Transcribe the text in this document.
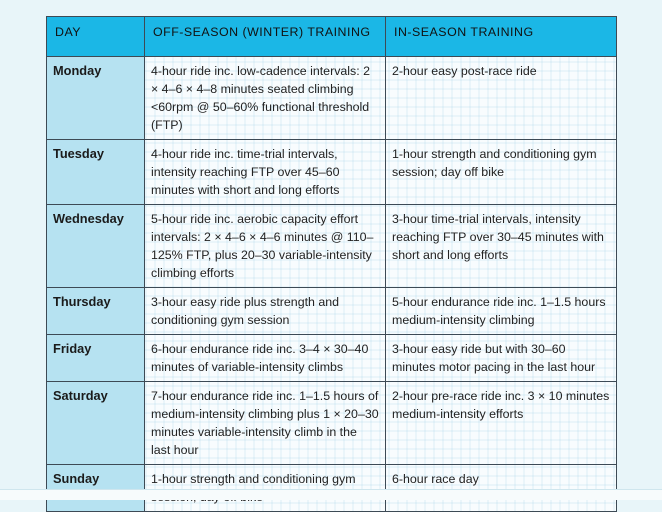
DAY	OFF-SEASON (WINTER) TRAINING	IN-SEASON TRAINING
Monday	4-hour ride inc. low-cadence intervals: 2 × 4–6 × 4–8 minutes seated climbing <60rpm @ 50–60% functional threshold (FTP)	2-hour easy post-race ride
Tuesday	4-hour ride inc. time-trial intervals, intensity reaching FTP over 45–60 minutes with short and long efforts	1-hour strength and conditioning gym session; day off bike
Wednesday	5-hour ride inc. aerobic capacity effort intervals: 2 × 4–6 × 4–6 minutes @ 110–125% FTP, plus 20–30 variable-intensity climbing efforts	3-hour time-trial intervals, intensity reaching FTP over 30–45 minutes with short and long efforts
Thursday	3-hour easy ride plus strength and conditioning gym session	5-hour endurance ride inc. 1–1.5 hours medium-intensity climbing
Friday	6-hour endurance ride inc. 3–4 × 30–40 minutes of variable-intensity climbs	3-hour easy ride but with 30–60 minutes motor pacing in the last hour
Saturday	7-hour endurance ride inc. 1–1.5 hours of medium-intensity climbing plus 1 × 20–30 minutes variable-intensity climb in the last hour	2-hour pre-race ride inc. 3 × 10 minutes medium-intensity efforts
Sunday	1-hour strength and conditioning gym	6-hour race day
